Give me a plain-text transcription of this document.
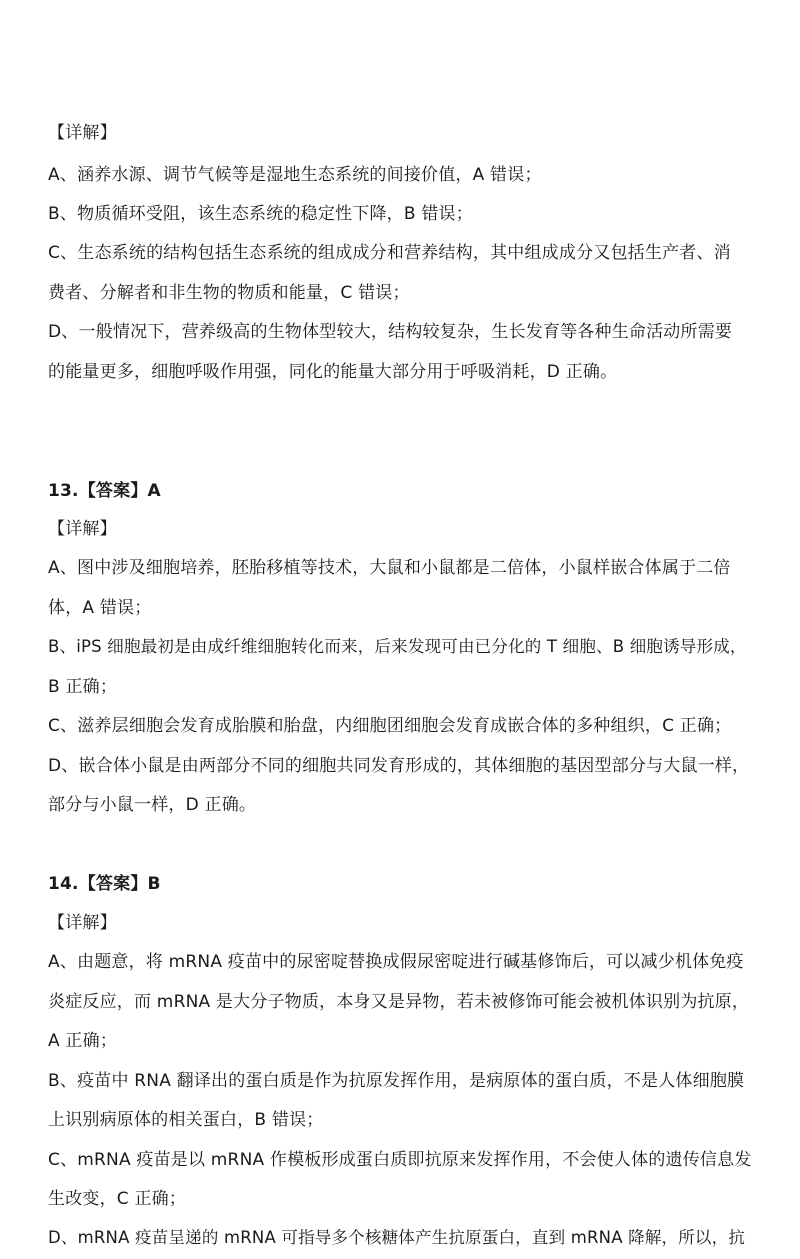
【详解】
A、涵养水源、调节气候等是湿地生态系统的间接价值，A 错误；
B、物质循环受阻，该生态系统的稳定性下降，B 错误；
C、生态系统的结构包括生态系统的组成成分和营养结构，其中组成成分又包括生产者、消
费者、分解者和非生物的物质和能量，C 错误；
D、一般情况下，营养级高的生物体型较大，结构较复杂，生长发育等各种生命活动所需要
的能量更多，细胞呼吸作用强，同化的能量大部分用于呼吸消耗，D 正确。
13.【答案】A
【详解】
A、图中涉及细胞培养，胚胎移植等技术，大鼠和小鼠都是二倍体，小鼠样嵌合体属于二倍
体，A 错误；
B、iPS 细胞最初是由成纤维细胞转化而来，后来发现可由已分化的 T 细胞、B 细胞诱导形成，
B 正确；
C、滋养层细胞会发育成胎膜和胎盘，内细胞团细胞会发育成嵌合体的多种组织，C 正确；
D、嵌合体小鼠是由两部分不同的细胞共同发育形成的，其体细胞的基因型部分与大鼠一样，
部分与小鼠一样，D 正确。
14.【答案】B
【详解】
A、由题意，将 mRNA 疫苗中的尿密啶替换成假尿密啶进行碱基修饰后，可以减少机体免疫
炎症反应，而 mRNA 是大分子物质，本身又是异物，若未被修饰可能会被机体识别为抗原，
A 正确；
B、疫苗中 RNA 翻译出的蛋白质是作为抗原发挥作用，是病原体的蛋白质，不是人体细胞膜
上识别病原体的相关蛋白，B 错误；
C、mRNA 疫苗是以 mRNA 作模板形成蛋白质即抗原来发挥作用，不会使人体的遗传信息发
生改变，C 正确；
D、mRNA 疫苗呈递的 mRNA 可指导多个核糖体产生抗原蛋白，直到 mRNA 降解，所以，抗
